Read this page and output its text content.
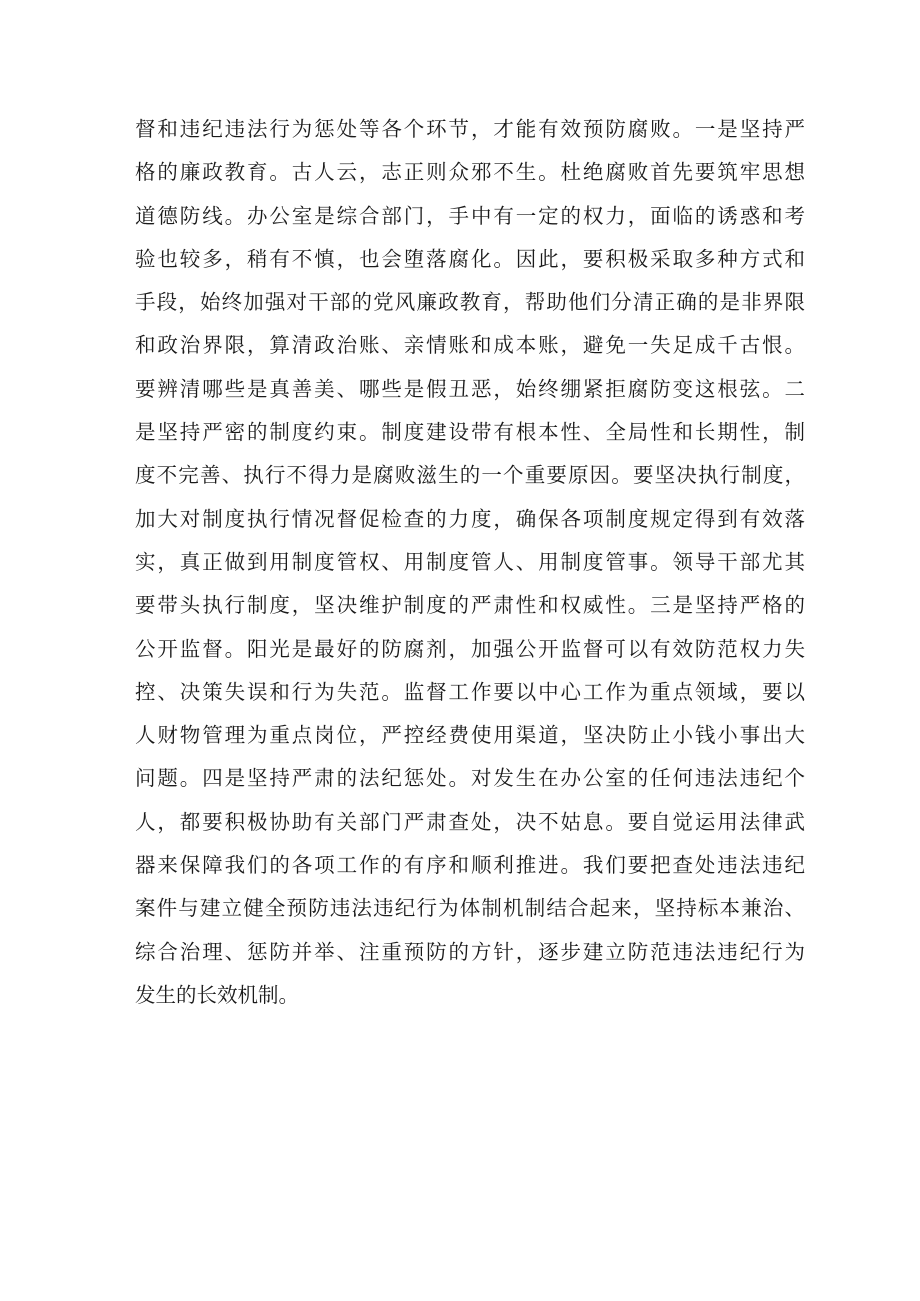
督和违纪违法行为惩处等各个环节，才能有效预防腐败。一是坚持严
格的廉政教育。古人云，志正则众邪不生。杜绝腐败首先要筑牢思想
道德防线。办公室是综合部门，手中有一定的权力，面临的诱惑和考
验也较多，稍有不慎，也会堕落腐化。因此，要积极采取多种方式和
手段，始终加强对干部的党风廉政教育，帮助他们分清正确的是非界限
和政治界限，算清政治账、亲情账和成本账，避免一失足成千古恨。
要辨清哪些是真善美、哪些是假丑恶，始终绷紧拒腐防变这根弦。二
是坚持严密的制度约束。制度建设带有根本性、全局性和长期性，制
度不完善、执行不得力是腐败滋生的一个重要原因。要坚决执行制度，
加大对制度执行情况督促检查的力度，确保各项制度规定得到有效落
实，真正做到用制度管权、用制度管人、用制度管事。领导干部尤其
要带头执行制度，坚决维护制度的严肃性和权威性。三是坚持严格的
公开监督。阳光是最好的防腐剂，加强公开监督可以有效防范权力失
控、决策失误和行为失范。监督工作要以中心工作为重点领域，要以
人财物管理为重点岗位，严控经费使用渠道，坚决防止小钱小事出大
问题。四是坚持严肃的法纪惩处。对发生在办公室的任何违法违纪个
人，都要积极协助有关部门严肃查处，决不姑息。要自觉运用法律武
器来保障我们的各项工作的有序和顺利推进。我们要把查处违法违纪
案件与建立健全预防违法违纪行为体制机制结合起来，坚持标本兼治、
综合治理、惩防并举、注重预防的方针，逐步建立防范违法违纪行为
发生的长效机制。
